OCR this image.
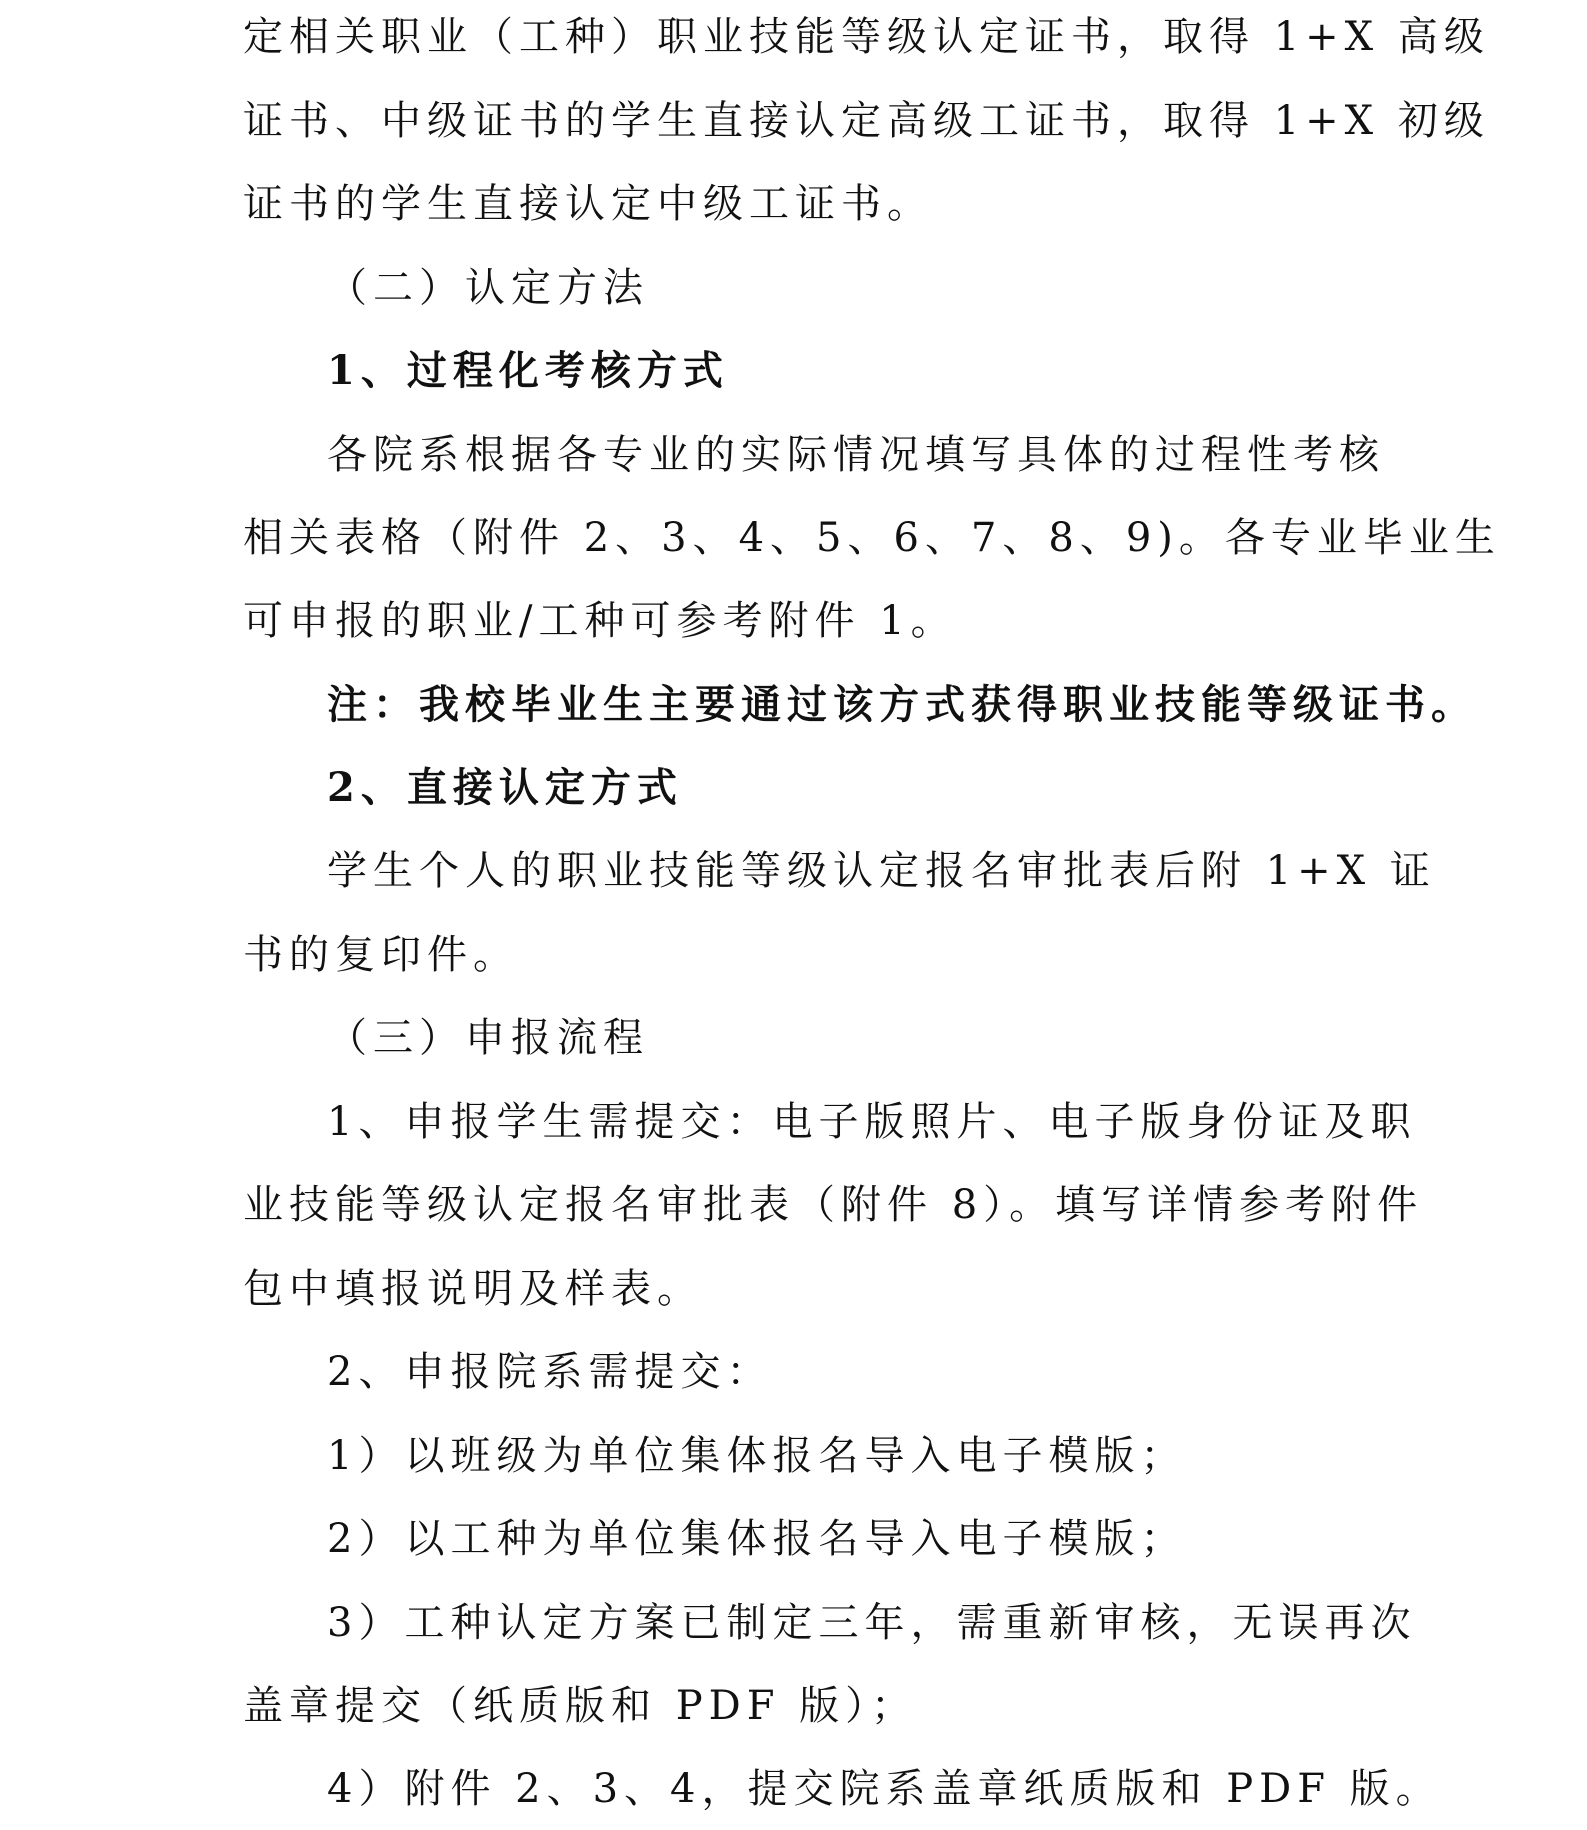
定相关职业（工种）职业技能等级认定证书，取得 1+X 高级

证书、中级证书的学生直接认定高级工证书，取得 1+X 初级

证书的学生直接认定中级工证书。

（二）认定方法

1、过程化考核方式

各院系根据各专业的实际情况填写具体的过程性考核

相关表格（附件 2、3、4、5、6、7、8、9)。各专业毕业生

可申报的职业/工种可参考附件 1。

注：我校毕业生主要通过该方式获得职业技能等级证书。

2、直接认定方式

学生个人的职业技能等级认定报名审批表后附 1+X 证

书的复印件。

（三）申报流程

1、申报学生需提交：电子版照片、电子版身份证及职

业技能等级认定报名审批表（附件 8）。填写详情参考附件

包中填报说明及样表。

2、申报院系需提交：

1）以班级为单位集体报名导入电子模版；

2）以工种为单位集体报名导入电子模版；

3）工种认定方案已制定三年，需重新审核，无误再次

盖章提交（纸质版和 PDF 版）；

4）附件 2、3、4，提交院系盖章纸质版和 PDF 版。
